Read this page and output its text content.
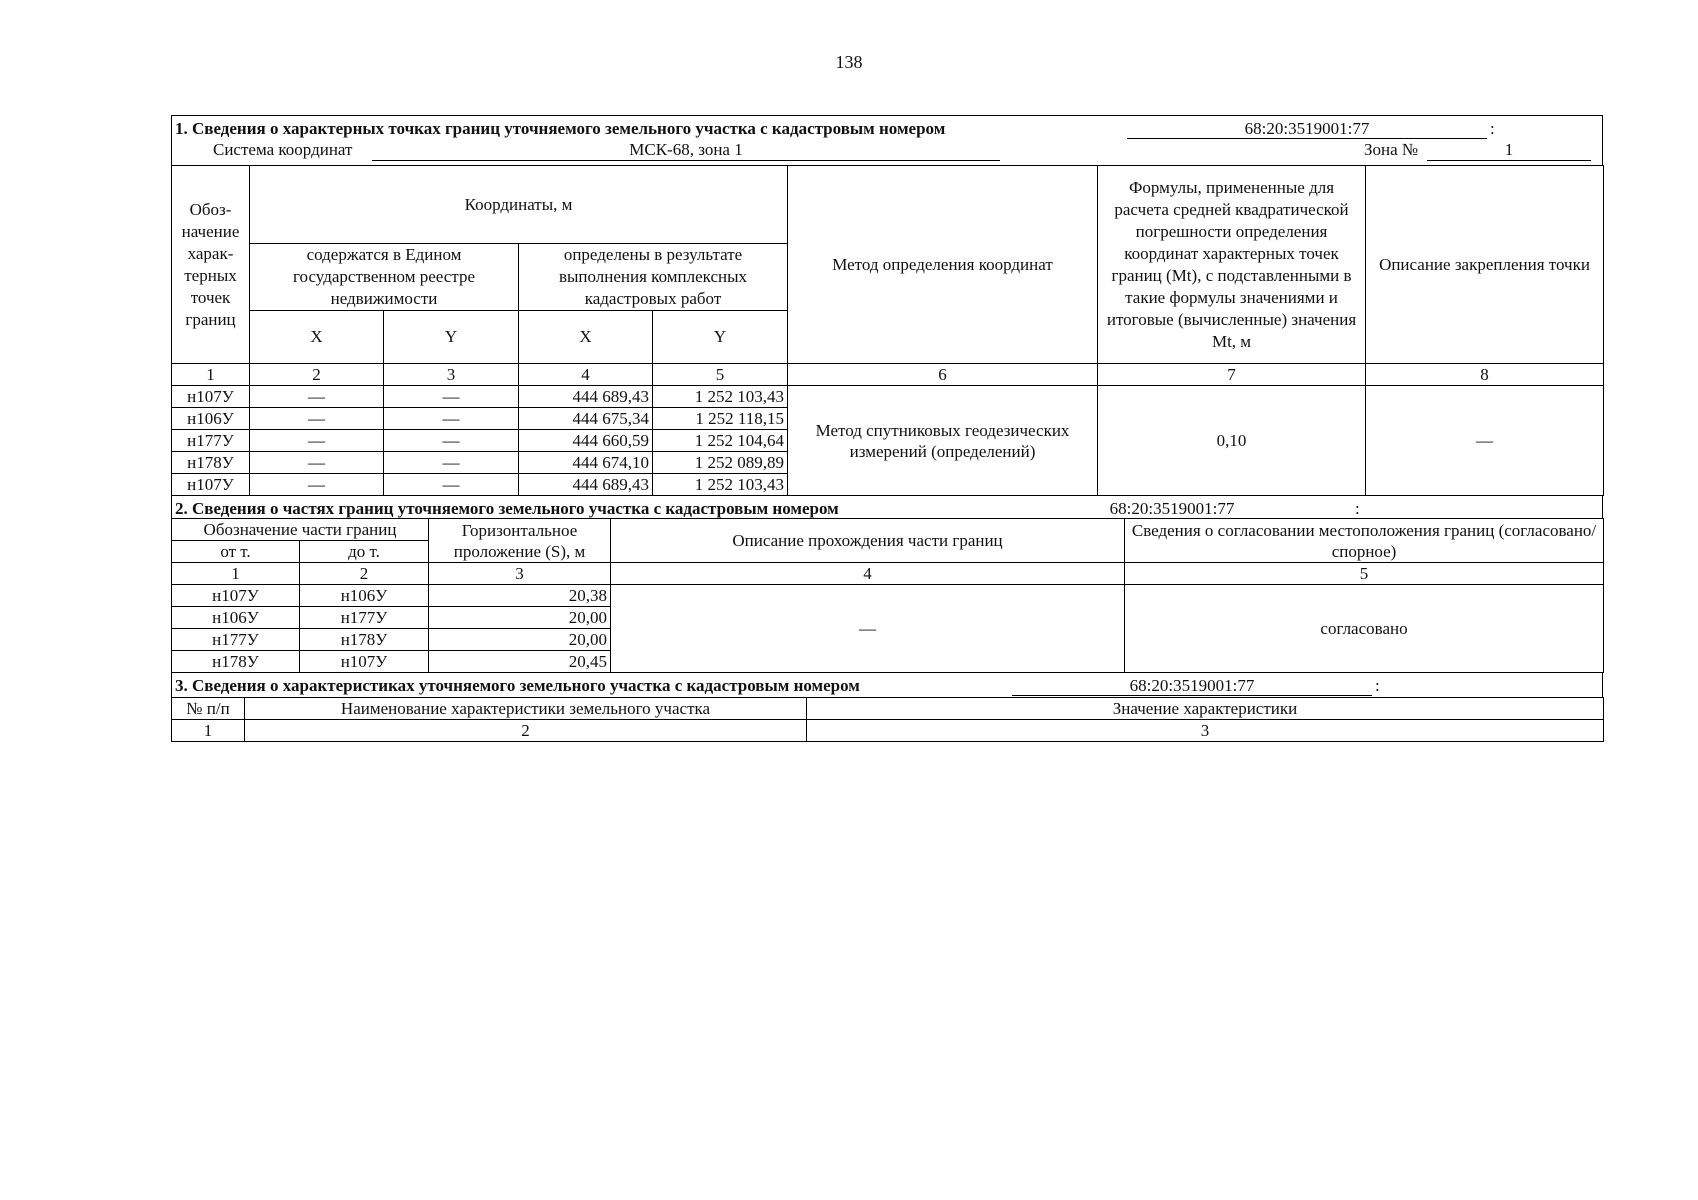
138
1. Сведения о характерных точках границ уточняемого земельного участка с кадастровым номером	68:20:3519001:77	:
Система координат	МСК-68, зона 1	Зона №	1
Обоз-начение харак-терных точек границ	Координаты, м				Метод определения координат	Формулы, примененные для расчета средней квадратической погрешности определения координат характерных точек границ (Mt), с подставленными в такие формулы значениями и итоговые (вычисленные) значения Mt, м	Описание закрепления точки
	содержатся в Едином государственном реестре недвижимости		определены в результате выполнения комплексных кадастровых работ				
	X	Y	X	Y			
1	2	3	4	5	6	7	8
н107У	—	—	444 689,43	1 252 103,43	Метод спутниковых геодезических измерений (определений)	0,10	—
н106У	—	—	444 675,34	1 252 118,15			
н177У	—	—	444 660,59	1 252 104,64			
н178У	—	—	444 674,10	1 252 089,89			
н107У	—	—	444 689,43	1 252 103,43			
2. Сведения о частях границ уточняемого земельного участка с кадастровым номером	68:20:3519001:77	:
Обозначение части границ		Горизонтальное проложение (S), м	Описание прохождения части границ	Сведения о согласовании местоположения границ (согласовано/спорное)
от т.	до т.			
1	2	3	4	5
н107У	н106У	20,38	—	согласовано
н106У	н177У	20,00		
н177У	н178У	20,00		
н178У	н107У	20,45		
3. Сведения о характеристиках уточняемого земельного участка с кадастровым номером	68:20:3519001:77	:
№ п/п	Наименование характеристики земельного участка	Значение характеристики
1	2	3
